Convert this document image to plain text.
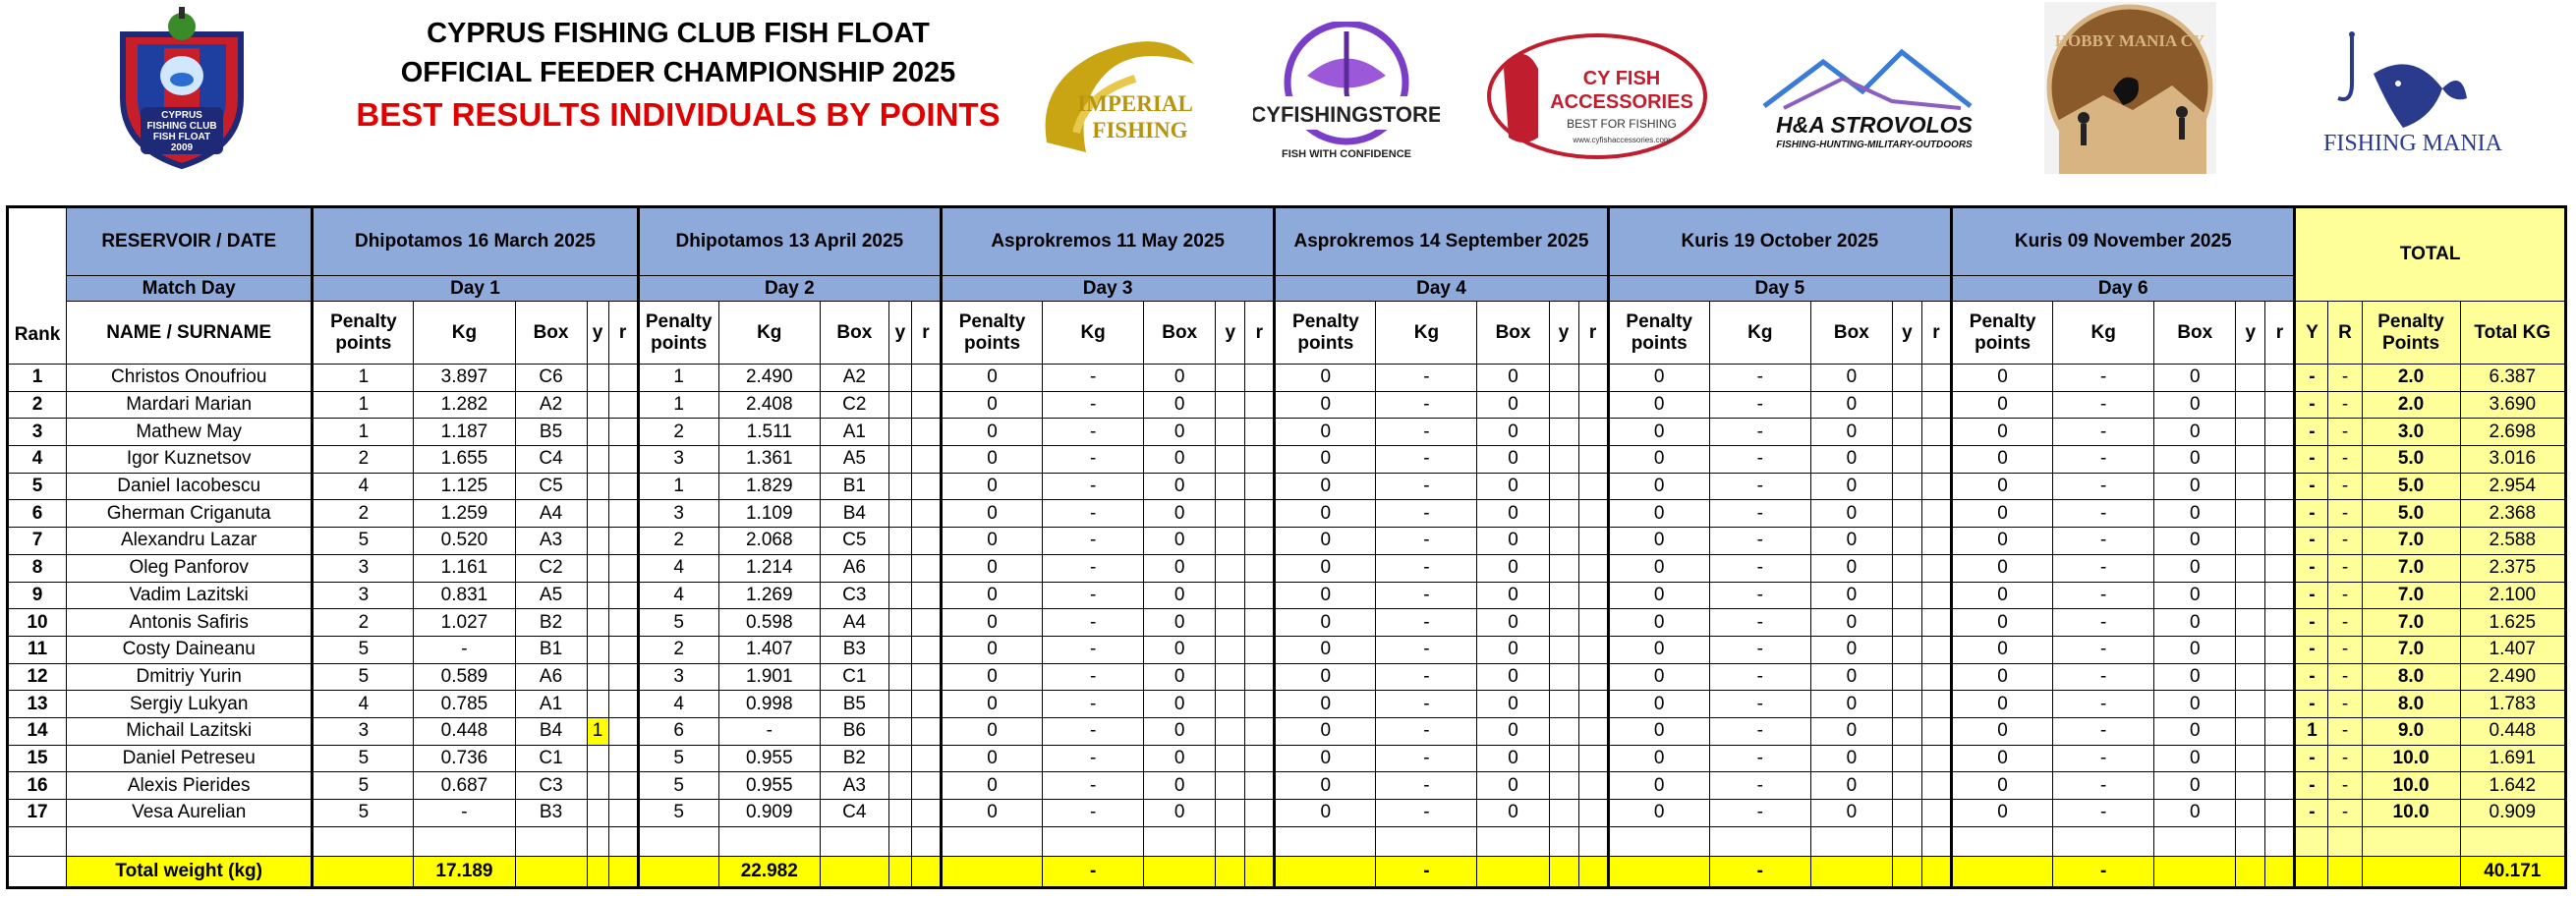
CYPRUS
FISHING CLUB
FISH FLOAT
2009
CYPRUS FISHING CLUB FISH FLOAT
OFFICIAL FEEDER CHAMPIONSHIP 2025
BEST RESULTS INDIVIDUALS BY POINTS	IMPERIAL
FISHING
CYFISHINGSTORE
FISH WITH CONFIDENCE
CY FISH
ACCESSORIES
BEST FOR FISHING
www.cyfishaccessories.com
H&A STROVOLOS
FISHING-HUNTING-MILITARY-OUTDOORS
HOBBY MANIA CY
FISHING MANIA
Rank	RESERVOIR / DATE	Dhipotamos 16 March 2025					Dhipotamos 13 April 2025					Asprokremos 11 May 2025					Asprokremos 14 September 2025					Kuris 19 October 2025					Kuris 09 November 2025					TOTAL			
	Match Day	Day 1					Day 2					Day 3					Day 4					Day 5					Day 6								
	NAME / SURNAME	Penalty points	Kg	Box	y	r	Penalty points	Kg	Box	y	r	Penalty points	Kg	Box	y	r	Penalty points	Kg	Box	y	r	Penalty points	Kg	Box	y	r	Penalty points	Kg	Box	y	r	Y	R	Penalty Points	Total KG
1	Christos Onoufriou	1	3.897	C6			1	2.490	A2			0	-	0			0	-	0			0	-	0			0	-	0			-	-	2.0	6.387
2	Mardari Marian	1	1.282	A2			1	2.408	C2			0	-	0			0	-	0			0	-	0			0	-	0			-	-	2.0	3.690
3	Mathew May	1	1.187	B5			2	1.511	A1			0	-	0			0	-	0			0	-	0			0	-	0			-	-	3.0	2.698
4	Igor Kuznetsov	2	1.655	C4			3	1.361	A5			0	-	0			0	-	0			0	-	0			0	-	0			-	-	5.0	3.016
5	Daniel Iacobescu	4	1.125	C5			1	1.829	B1			0	-	0			0	-	0			0	-	0			0	-	0			-	-	5.0	2.954
6	Gherman Criganuta	2	1.259	A4			3	1.109	B4			0	-	0			0	-	0			0	-	0			0	-	0			-	-	5.0	2.368
7	Alexandru Lazar	5	0.520	A3			2	2.068	C5			0	-	0			0	-	0			0	-	0			0	-	0			-	-	7.0	2.588
8	Oleg Panforov	3	1.161	C2			4	1.214	A6			0	-	0			0	-	0			0	-	0			0	-	0			-	-	7.0	2.375
9	Vadim Lazitski	3	0.831	A5			4	1.269	C3			0	-	0			0	-	0			0	-	0			0	-	0			-	-	7.0	2.100
10	Antonis Safiris	2	1.027	B2			5	0.598	A4			0	-	0			0	-	0			0	-	0			0	-	0			-	-	7.0	1.625
11	Costy Daineanu	5	-	B1			2	1.407	B3			0	-	0			0	-	0			0	-	0			0	-	0			-	-	7.0	1.407
12	Dmitriy Yurin	5	0.589	A6			3	1.901	C1			0	-	0			0	-	0			0	-	0			0	-	0			-	-	8.0	2.490
13	Sergiy Lukyan	4	0.785	A1			4	0.998	B5			0	-	0			0	-	0			0	-	0			0	-	0			-	-	8.0	1.783
14	Michail Lazitski	3	0.448	B4	1		6	-	B6			0	-	0			0	-	0			0	-	0			0	-	0			1	-	9.0	0.448
15	Daniel Petreseu	5	0.736	C1			5	0.955	B2			0	-	0			0	-	0			0	-	0			0	-	0			-	-	10.0	1.691
16	Alexis Pierides	5	0.687	C3			5	0.955	A3			0	-	0			0	-	0			0	-	0			0	-	0			-	-	10.0	1.642
17	Vesa Aurelian	5	-	B3			5	0.909	C4			0	-	0			0	-	0			0	-	0			0	-	0			-	-	10.0	0.909

	Total weight (kg)		17.189					22.982					-					-					-					-							40.171
